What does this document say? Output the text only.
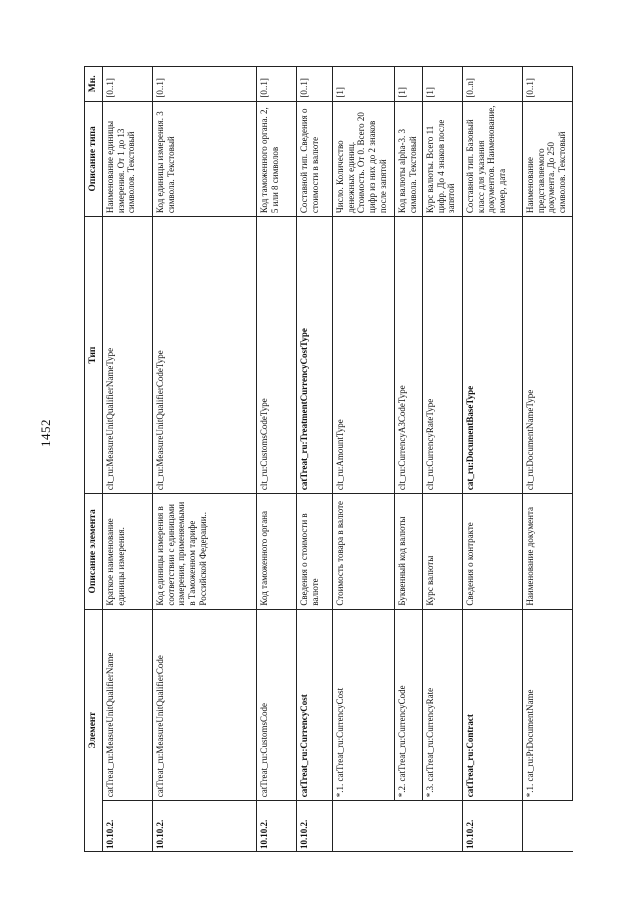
1452
Элемент		Описание элемента	Тип	Описание типа	Мн.
10.10.2.	catTreat_ru:MeasureUnitQualifierName	Краткое наименование единицы измерения.	clt_ru:MeasureUnitQualifierNameType	Наименование единицы измерения. От 1 до 13 символов. Текстовый	[0..1]
10.10.2.	catTreat_ru:MeasureUnitQualifierCode	Код единицы измерения в соответствии с единицами измерения, применяемыми в Таможенном тарифе Российской Федерации..	clt_ru:MeasureUnitQualifierCodeType	Код единицы измерения. 3 символа. Текстовый	[0..1]
10.10.2.	catTreat_ru:CustomsCode	Код таможенного органа	clt_ru:CustomsCodeType	Код таможенного органа. 2, 5 или 8 символов	[0..1]
10.10.2.	catTreat_ru:CurrencyCost	Сведения о стоимости в валюте	catTreat_ru:TreatmentCurrencyCostType	Составной тип. Сведения о стоимости в валюте	[0..1]
	*.1. catTreat_ru:CurrencyCost	Стоимость товара в валюте	clt_ru:AmountType	Число. Количество денежных единиц. Стоимость. От 0. Всего 20 цифр из них до 2 знаков после запятой	[1]
	*.2. catTreat_ru:CurrencyCode	Буквенный код валюты	clt_ru:CurrencyA3CodeType	Код валюты alpha-3. 3 символа. Текстовый	[1]
	*.3. catTreat_ru:CurrencyRate	Курс валюты	clt_ru:CurrencyRateType	Курс валюты. Всего 11 цифр. До 4 знаков после запятой	[1]
10.10.2.	catTreat_ru:Contract	Сведения о контракте	cat_ru:DocumentBaseType	Составной тип. Базовый класс для указания документов. Наименование, номер, дата	[0..n]
	*.1. cat_ru:PrDocumentName	Наименование документа	clt_ru:DocumentNameType	Наименование представляемого документа. До 250 символов. Текстовый	[0..1]
